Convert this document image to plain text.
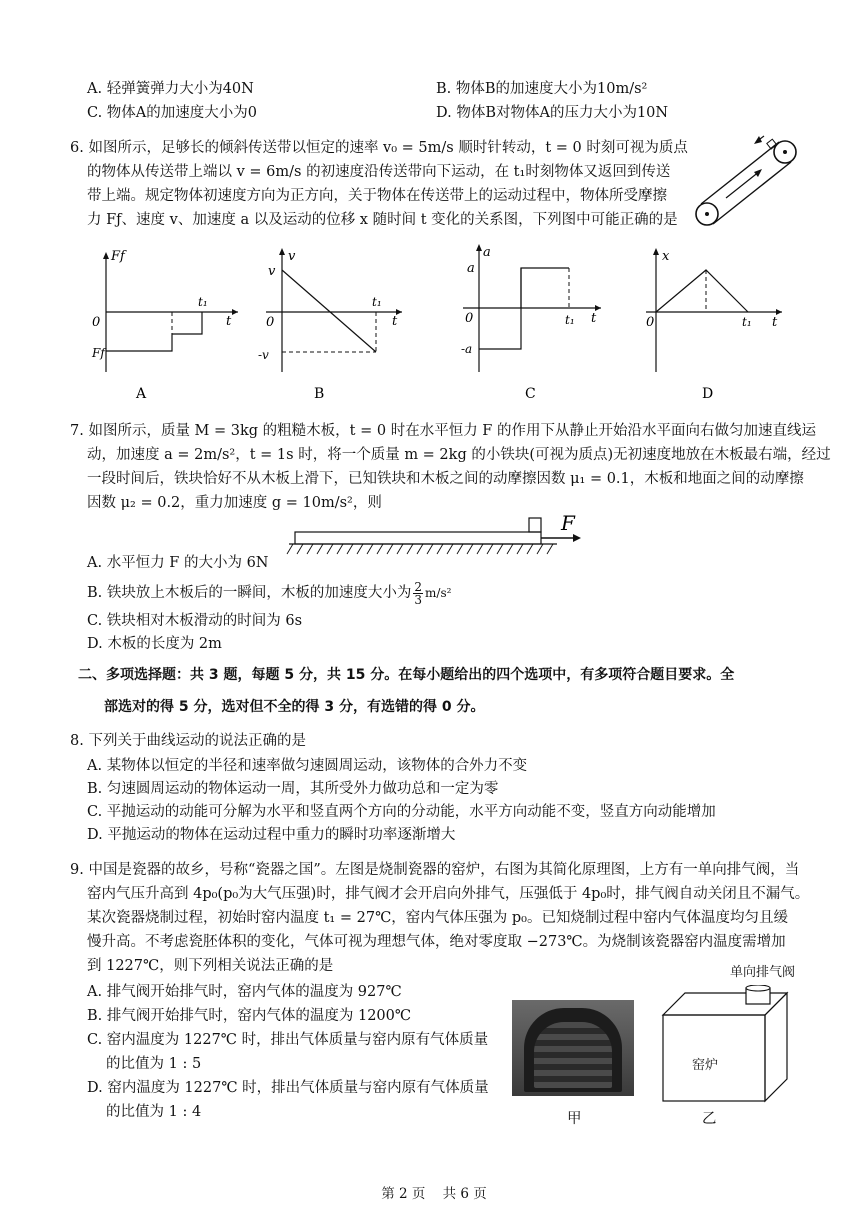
A. 轻弹簧弹力大小为40N	B. 物体B的加速度大小为10m/s²
C. 物体A的加速度大小为0	D. 物体B对物体A的压力大小为10N
6. 如图所示，足够长的倾斜传送带以恒定的速率 v₀ = 5m/s 顺时针转动，t = 0 时刻可视为质点
的物体从传送带上端以 v = 6m/s 的初速度沿传送带向下运动，在 t₁时刻物体又返回到传送
带上端。规定物体初速度方向为正方向，关于物体在传送带上的运动过程中，物体所受摩擦
力 Fƒ、速度 v、加速度 a 以及运动的位移 x 随时间 t 变化的关系图，下列图中可能正确的是
Ff
0
Ff
t₁
t
A
v
v
0
-v
t₁
t
B
a
a
0
-a
t₁ t
C
x
0	t₁ t
D
7. 如图所示，质量 M = 3kg 的粗糙木板，t = 0 时在水平恒力 F 的作用下从静止开始沿水平面向右做匀加速直线运
动，加速度 a = 2m/s²，t = 1s 时，将一个质量 m = 2kg 的小铁块(可视为质点)无初速度地放在木板最右端，经过
一段时间后，铁块恰好不从木板上滑下，已知铁块和木板之间的动摩擦因数 μ₁ = 0.1，木板和地面之间的动摩擦
因数 μ₂ = 0.2，重力加速度 g = 10m/s²，则
F
A. 水平恒力 F 的大小为 6N
B. 铁块放上木板后的一瞬间，木板的加速度大小为 $\frac{2}{3} m/s^2$
C. 铁块相对木板滑动的时间为 6s
D. 木板的长度为 2m
二、多项选择题：共 3 题，每题 5 分，共 15 分。在每小题给出的四个选项中，有多项符合题目要求。全
部选对的得 5 分，选对但不全的得 3 分，有选错的得 0 分。
8. 下列关于曲线运动的说法正确的是
A. 某物体以恒定的半径和速率做匀速圆周运动，该物体的合外力不变
B. 匀速圆周运动的物体运动一周，其所受外力做功总和一定为零
C. 平抛运动的动能可分解为水平和竖直两个方向的分动能，水平方向动能不变，竖直方向动能增加
D. 平抛运动的物体在运动过程中重力的瞬时功率逐渐增大
9. 中国是瓷器的故乡，号称“瓷器之国”。左图是烧制瓷器的窑炉，右图为其简化原理图，上方有一单向排气阀，当
窑内气压升高到 4p₀(p₀为大气压强)时，排气阀才会开启向外排气，压强低于 4p₀时，排气阀自动关闭且不漏气。
某次瓷器烧制过程，初始时窑内温度 t₁ = 27℃，窑内气体压强为 p₀。已知烧制过程中窑内气体温度均匀且缓
慢升高。不考虑瓷胚体积的变化，气体可视为理想气体，绝对零度取 −273℃。为烧制该瓷器窑内温度需增加
到 1227℃，则下列相关说法正确的是
A. 排气阀开始排气时，窑内气体的温度为 927℃
B. 排气阀开始排气时，窑内气体的温度为 1200℃
C. 窑内温度为 1227℃ 时，排出气体质量与窑内原有气体质量
的比值为 1 : 5
D. 窑内温度为 1227℃ 时，排出气体质量与窑内原有气体质量
的比值为 1 : 4	甲
单向排气阀
窑炉
乙
第 2 页    共 6 页
